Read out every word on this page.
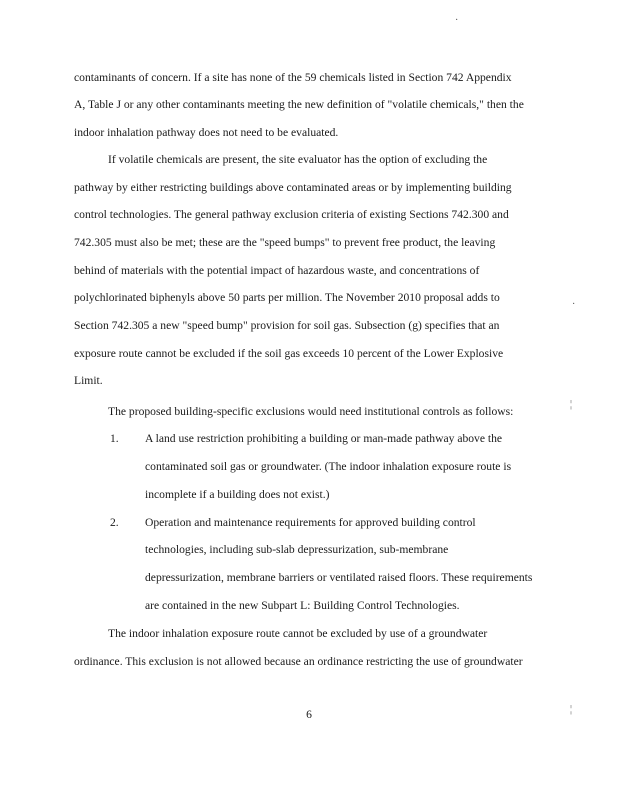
·
¦
¦
·
contaminants of concern. If a site has none of the 59 chemicals listed in Section 742 Appendix
A, Table J or any other contaminants meeting the new definition of "volatile chemicals," then the
indoor inhalation pathway does not need to be evaluated.
If volatile chemicals are present, the site evaluator has the option of excluding the
pathway by either restricting buildings above contaminated areas or by implementing building
control technologies. The general pathway exclusion criteria of existing Sections 742.300 and
742.305 must also be met; these are the "speed bumps" to prevent free product, the leaving
behind of materials with the potential impact of hazardous waste, and concentrations of
polychlorinated biphenyls above 50 parts per million. The November 2010 proposal adds to
Section 742.305 a new "speed bump" provision for soil gas. Subsection (g) specifies that an
exposure route cannot be excluded if the soil gas exceeds 10 percent of the Lower Explosive
Limit.
The proposed building-specific exclusions would need institutional controls as follows:
1. A land use restriction prohibiting a building or man-made pathway above the
contaminated soil gas or groundwater. (The indoor inhalation exposure route is
incomplete if a building does not exist.)
2. Operation and maintenance requirements for approved building control
technologies, including sub-slab depressurization, sub-membrane
depressurization, membrane barriers or ventilated raised floors. These requirements
are contained in the new Subpart L: Building Control Technologies.
The indoor inhalation exposure route cannot be excluded by use of a groundwater
ordinance. This exclusion is not allowed because an ordinance restricting the use of groundwater
6
